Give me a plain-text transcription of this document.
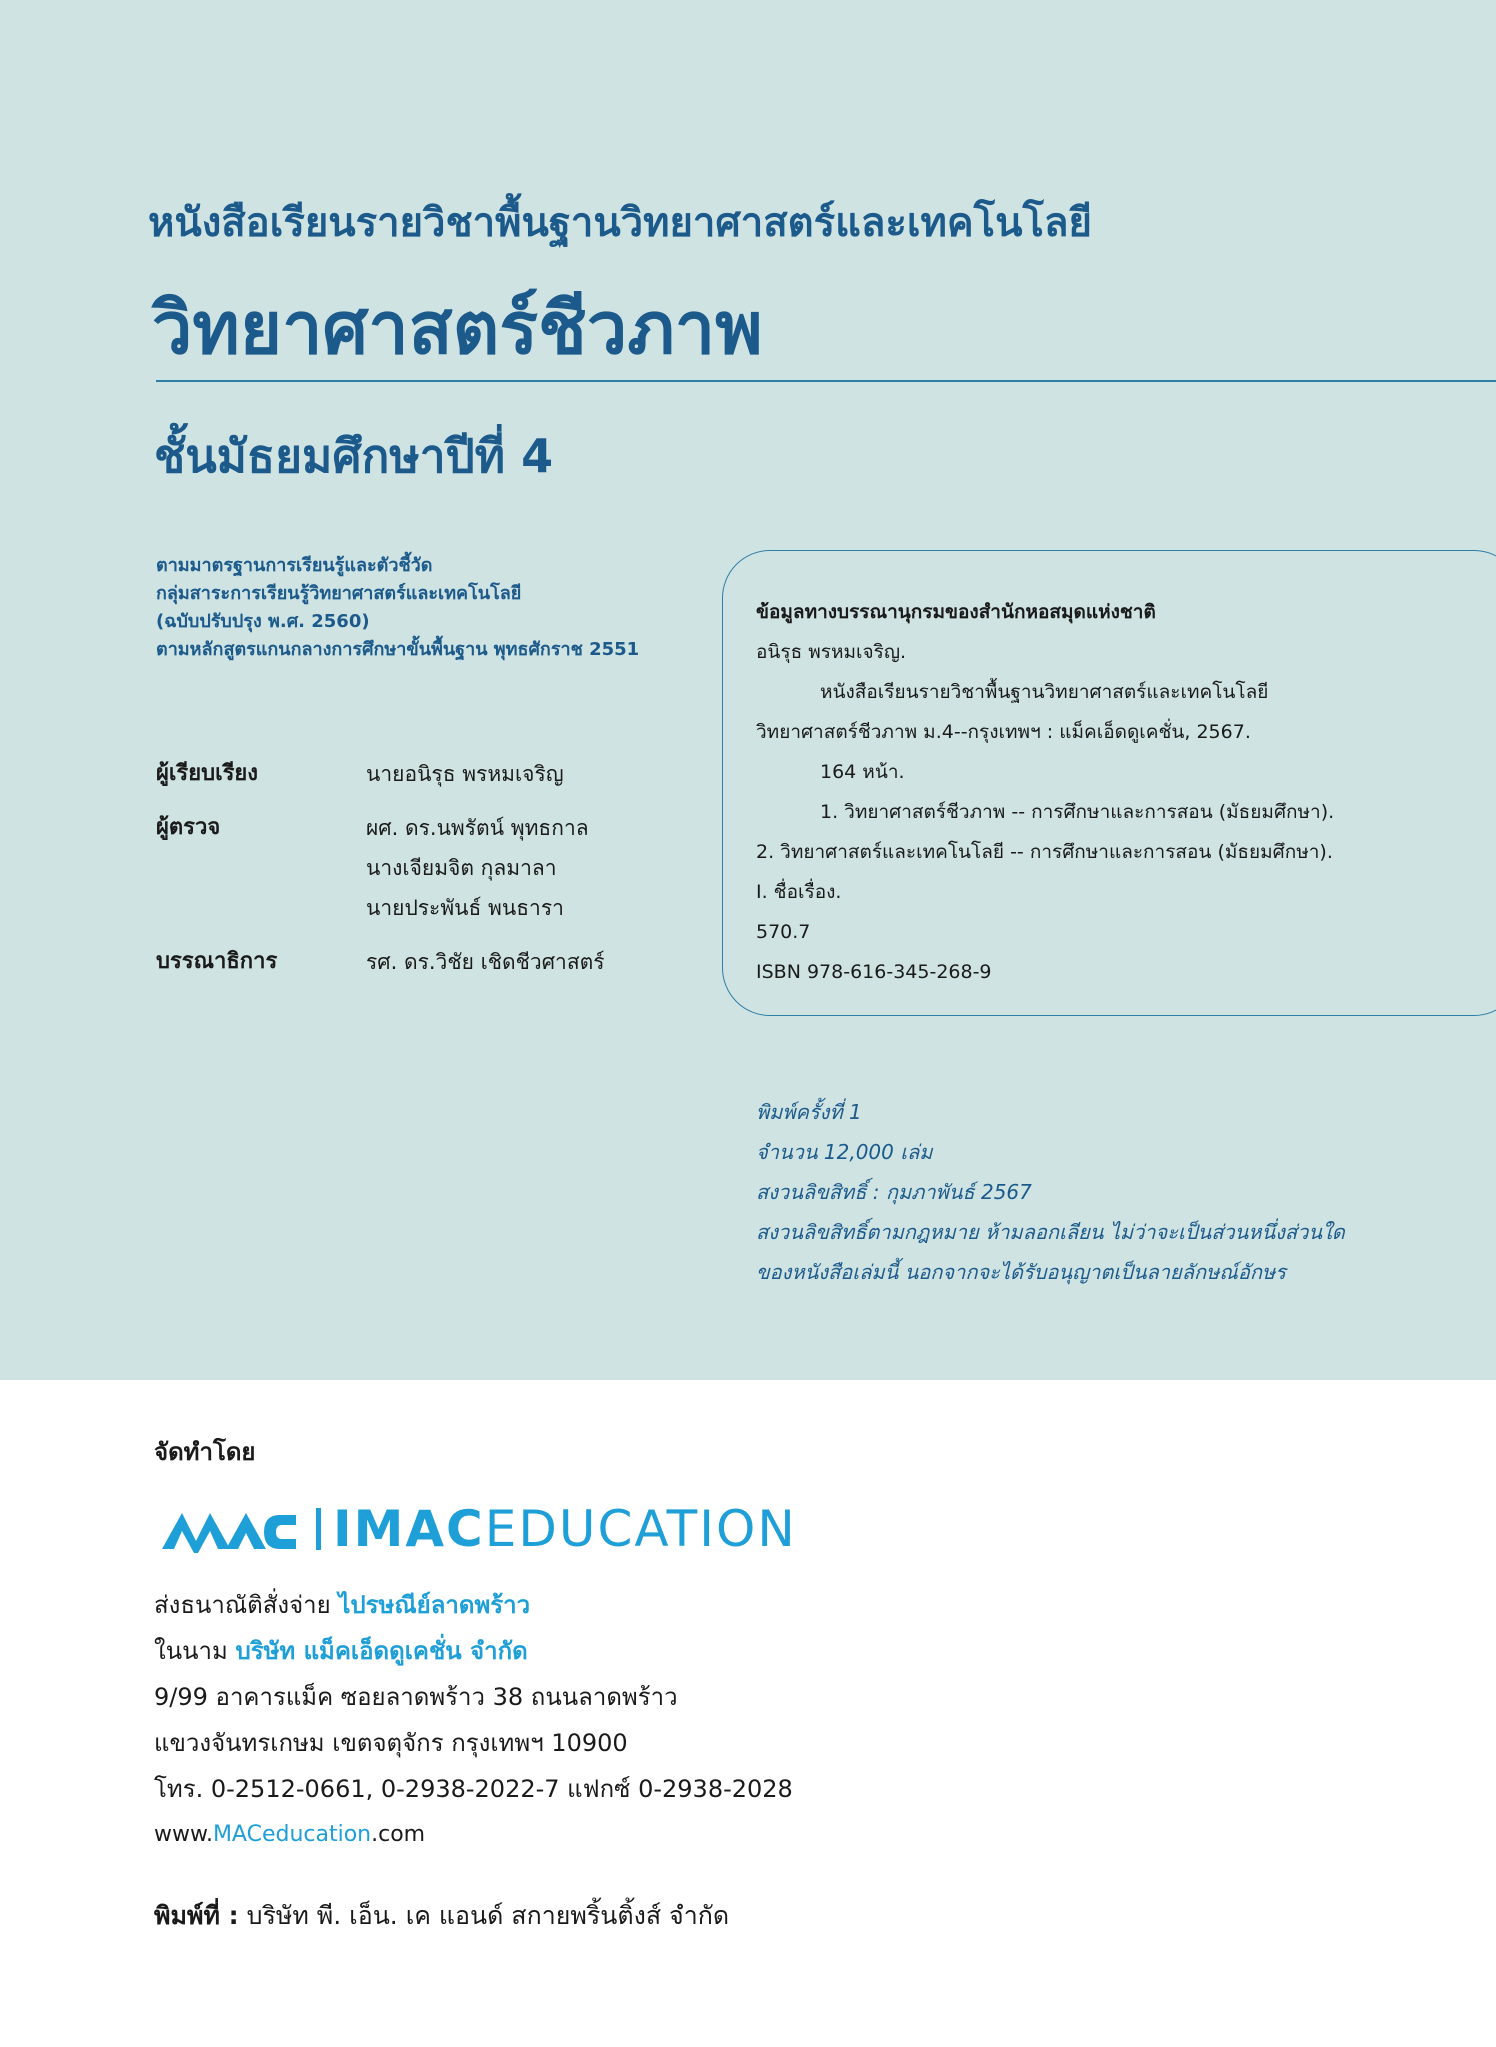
หนังสือเรียนรายวิชาพื้นฐานวิทยาศาสตร์และเทคโนโลยี
วิทยาศาสตร์ชีวภาพ
ชั้นมัธยมศึกษาปีที่ 4
ตามมาตรฐานการเรียนรู้และตัวชี้วัด
กลุ่มสาระการเรียนรู้วิทยาศาสตร์และเทคโนโลยี
(ฉบับปรับปรุง พ.ศ. 2560)
ตามหลักสูตรแกนกลางการศึกษาขั้นพื้นฐาน พุทธศักราช 2551
ผู้เรียบเรียง	นายอนิรุธ พรหมเจริญ
ผู้ตรวจ	ผศ. ดร.นพรัตน์ พุทธกาล
นางเจียมจิต กุลมาลา
นายประพันธ์ พนธารา
บรรณาธิการ	รศ. ดร.วิชัย เชิดชีวศาสตร์
ข้อมูลทางบรรณานุกรมของสำนักหอสมุดแห่งชาติ
อนิรุธ พรหมเจริญ.
หนังสือเรียนรายวิชาพื้นฐานวิทยาศาสตร์และเทคโนโลยี
วิทยาศาสตร์ชีวภาพ ม.4--กรุงเทพฯ : แม็คเอ็ดดูเคชั่น, 2567.
164 หน้า.
1. วิทยาศาสตร์ชีวภาพ -- การศึกษาและการสอน (มัธยมศึกษา).
2. วิทยาศาสตร์และเทคโนโลยี -- การศึกษาและการสอน (มัธยมศึกษา).
I. ชื่อเรื่อง.
570.7
ISBN 978-616-345-268-9
พิมพ์ครั้งที่ 1
จำนวน 12,000 เล่ม
สงวนลิขสิทธิ์ : กุมภาพันธ์ 2567
สงวนลิขสิทธิ์ตามกฎหมาย ห้ามลอกเลียน ไม่ว่าจะเป็นส่วนหนึ่งส่วนใด
ของหนังสือเล่มนี้ นอกจากจะได้รับอนุญาตเป็นลายลักษณ์อักษร
จัดทำโดย
IMACEDUCATION
ส่งธนาณัติสั่งจ่าย ไปรษณีย์ลาดพร้าว
ในนาม บริษัท แม็คเอ็ดดูเคชั่น จำกัด
9/99 อาคารแม็ค ซอยลาดพร้าว 38 ถนนลาดพร้าว
แขวงจันทรเกษม เขตจตุจักร กรุงเทพฯ 10900
โทร. 0-2512-0661, 0-2938-2022-7 แฟกซ์ 0-2938-2028
www.MACeducation.com
พิมพ์ที่ : บริษัท พี. เอ็น. เค แอนด์ สกายพริ้นติ้งส์ จำกัด
